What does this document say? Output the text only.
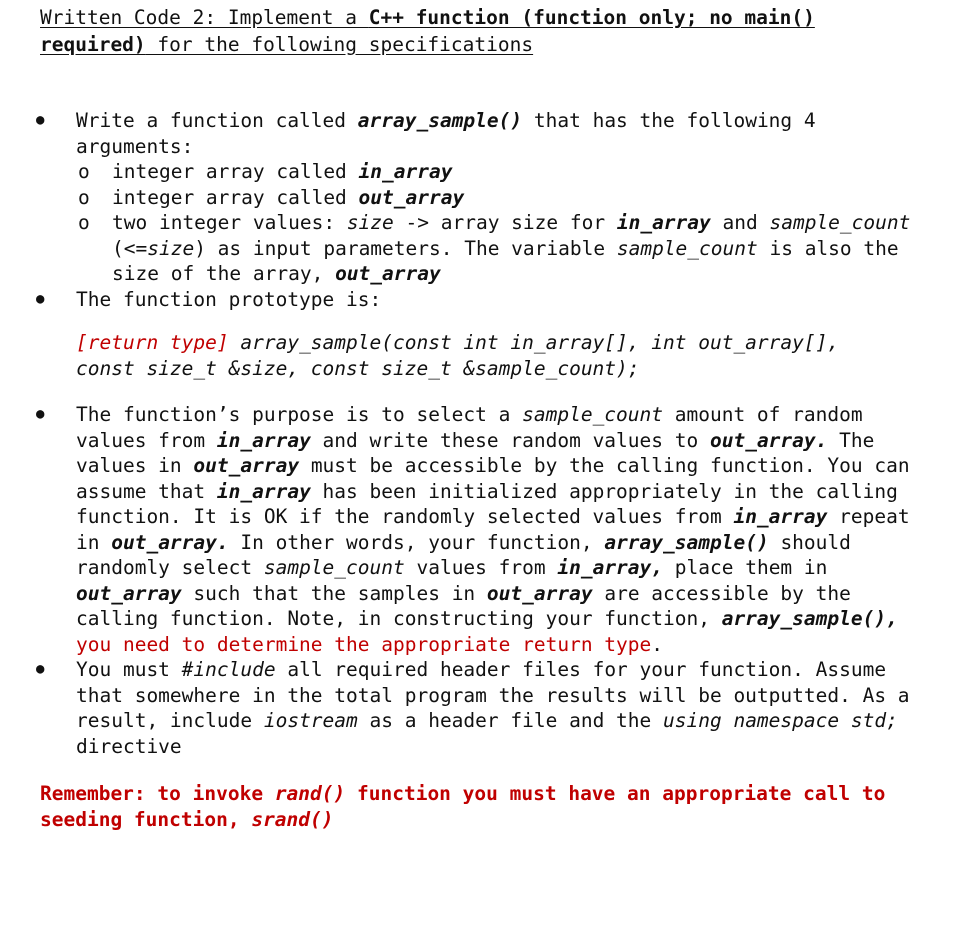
Written Code 2: Implement a C++ function (function only; no main()
required) for the following specifications
● Write a function called array_sample() that has the following 4 arguments:
o integer array called in_array
o integer array called out_array
o two integer values: size -> array size for in_array and sample_count (<=size) as input parameters. The variable sample_count is also the size of the array, out_array
● The function prototype is:
[return type] array_sample(const int in_array[], int out_array[],
const size_t &size, const size_t &sample_count);
● The function’s purpose is to select a sample_count amount of random values from in_array and write these random values to out_array. The values in out_array must be accessible by the calling function. You can assume that in_array has been initialized appropriately in the calling function. It is OK if the randomly selected values from in_array repeat in out_array. In other words, your function, array_sample() should randomly select sample_count values from in_array, place them in out_array such that the samples in out_array are accessible by the calling function. Note, in constructing your function, array_sample(), you need to determine the appropriate return type.
● You must #include all required header files for your function. Assume that somewhere in the total program the results will be outputted. As a result, include iostream as a header file and the using namespace std; directive
Remember: to invoke rand() function you must have an appropriate call to seeding function, srand()
